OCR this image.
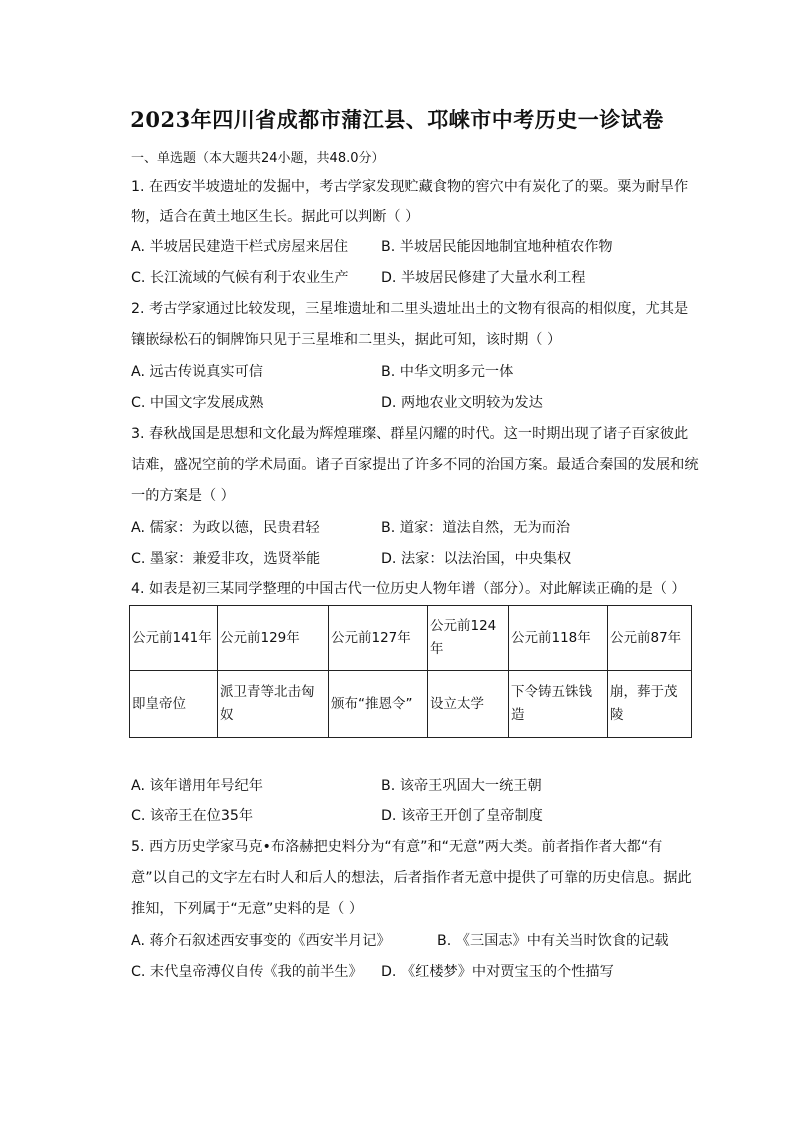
2023年四川省成都市蒲江县、邛崃市中考历史一诊试卷
一、单选题（本大题共24小题，共48.0分）
1. 在西安半坡遗址的发掘中，考古学家发现贮藏食物的窖穴中有炭化了的粟。粟为耐旱作
物，适合在黄土地区生长。据此可以判断（ ）
A. 半坡居民建造干栏式房屋来居住 B. 半坡居民能因地制宜地种植农作物
C. 长江流域的气候有利于农业生产 D. 半坡居民修建了大量水利工程
2. 考古学家通过比较发现，三星堆遗址和二里头遗址出土的文物有很高的相似度，尤其是
镶嵌绿松石的铜牌饰只见于三星堆和二里头，据此可知，该时期（ ）
A. 远古传说真实可信	B. 中华文明多元一体
C. 中国文字发展成熟	D. 两地农业文明较为发达
3. 春秋战国是思想和文化最为辉煌璀璨、群星闪耀的时代。这一时期出现了诸子百家彼此
诘难，盛况空前的学术局面。诸子百家提出了许多不同的治国方案。最适合秦国的发展和统
一的方案是（ ）
A. 儒家：为政以德，民贵君轻	B. 道家：道法自然，无为而治
C. 墨家：兼爱非攻，选贤举能	D. 法家：以法治国，中央集权
4. 如表是初三某同学整理的中国古代一位历史人物年谱（部分）。对此解读正确的是（ ）
公元前141年	公元前129年	公元前127年	公元前124年	公元前118年	公元前87年
即皇帝位	派卫青等北击匈奴	颁布“推恩令”	设立太学	下令铸五铢钱造	崩，葬于茂陵
A. 该年谱用年号纪年	B. 该帝王巩固大一统王朝
C. 该帝王在位35年	D. 该帝王开创了皇帝制度
5. 西方历史学家马克•布洛赫把史料分为“有意”和“无意”两大类。前者指作者大都“有
意”以自己的文字左右时人和后人的想法，后者指作者无意中提供了可靠的历史信息。据此
推知，下列属于“无意”史料的是（ ）
A. 蒋介石叙述西安事变的《西安半月记》	B. 《三国志》中有关当时饮食的记载
C. 末代皇帝溥仪自传《我的前半生》 D. 《红楼梦》中对贾宝玉的个性描写
